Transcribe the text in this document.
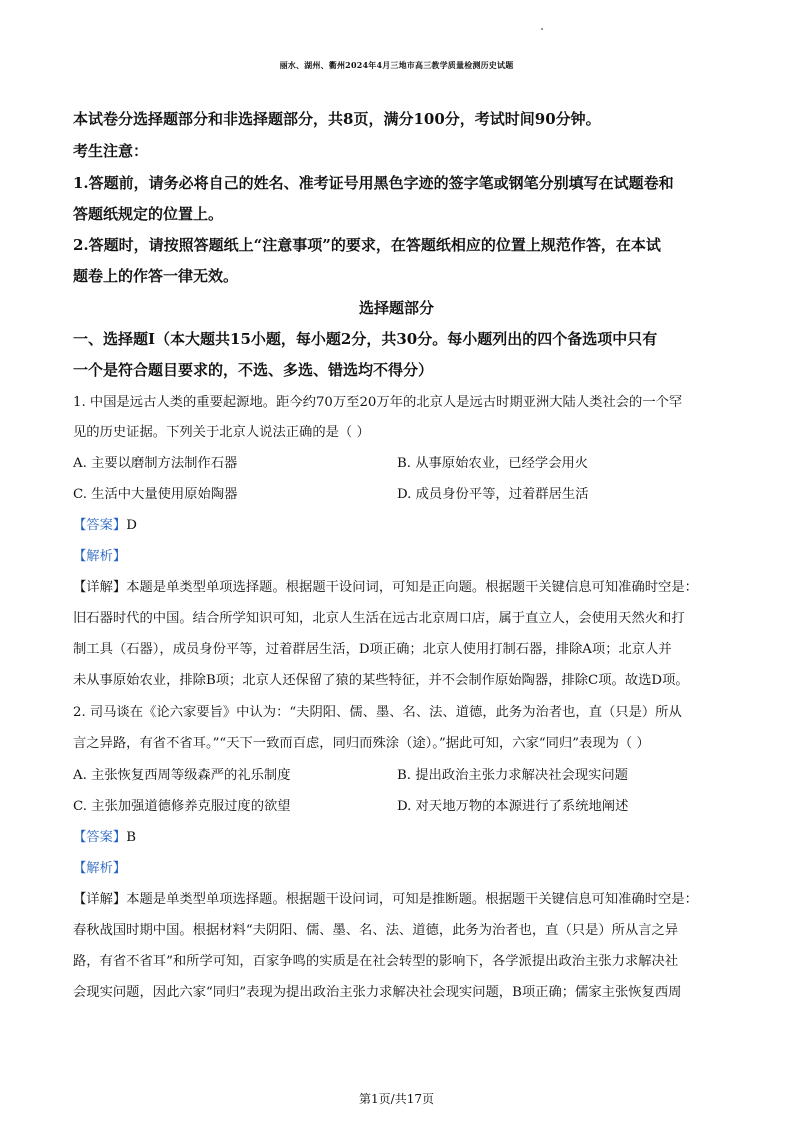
丽水、湖州、衢州2024年4月三地市高三教学质量检测历史试题
本试卷分选择题部分和非选择题部分，共8页，满分100分，考试时间90分钟。
考生注意：
1.答题前，请务必将自己的姓名、准考证号用黑色字迹的签字笔或钢笔分别填写在试题卷和
答题纸规定的位置上。
2.答题时，请按照答题纸上“注意事项”的要求，在答题纸相应的位置上规范作答，在本试
题卷上的作答一律无效。
选择题部分
一、选择题Ⅰ（本大题共15小题，每小题2分，共30分。每小题列出的四个备选项中只有
一个是符合题目要求的，不选、多选、错选均不得分）
1. 中国是远古人类的重要起源地。距今约70万至20万年的北京人是远古时期亚洲大陆人类社会的一个罕
见的历史证据。下列关于北京人说法正确的是（ ）
A. 主要以磨制方法制作石器	B. 从事原始农业，已经学会用火
C. 生活中大量使用原始陶器	D. 成员身份平等，过着群居生活
【答案】D
【解析】
【详解】本题是单类型单项选择题。根据题干设问词，可知是正向题。根据题干关键信息可知准确时空是：
旧石器时代的中国。结合所学知识可知，北京人生活在远古北京周口店，属于直立人，会使用天然火和打
制工具（石器），成员身份平等，过着群居生活，D项正确；北京人使用打制石器，排除A项；北京人并
未从事原始农业，排除B项；北京人还保留了猿的某些特征，并不会制作原始陶器，排除C项。故选D项。
2. 司马谈在《论六家要旨》中认为：“夫阴阳、儒、墨、名、法、道德，此务为治者也，直（只是）所从
言之异路，有省不省耳。”“天下一致而百虑，同归而殊涂（途）。”据此可知，六家“同归”表现为（ ）
A. 主张恢复西周等级森严的礼乐制度	B. 提出政治主张力求解决社会现实问题
C. 主张加强道德修养克服过度的欲望	D. 对天地万物的本源进行了系统地阐述
【答案】B
【解析】
【详解】本题是单类型单项选择题。根据题干设问词，可知是推断题。根据题干关键信息可知准确时空是：
春秋战国时期中国。根据材料“夫阴阳、儒、墨、名、法、道德，此务为治者也，直（只是）所从言之异
路，有省不省耳”和所学可知，百家争鸣的实质是在社会转型的影响下，各学派提出政治主张力求解决社
会现实问题，因此六家“同归”表现为提出政治主张力求解决社会现实问题，B项正确；儒家主张恢复西周
第1页/共17页
